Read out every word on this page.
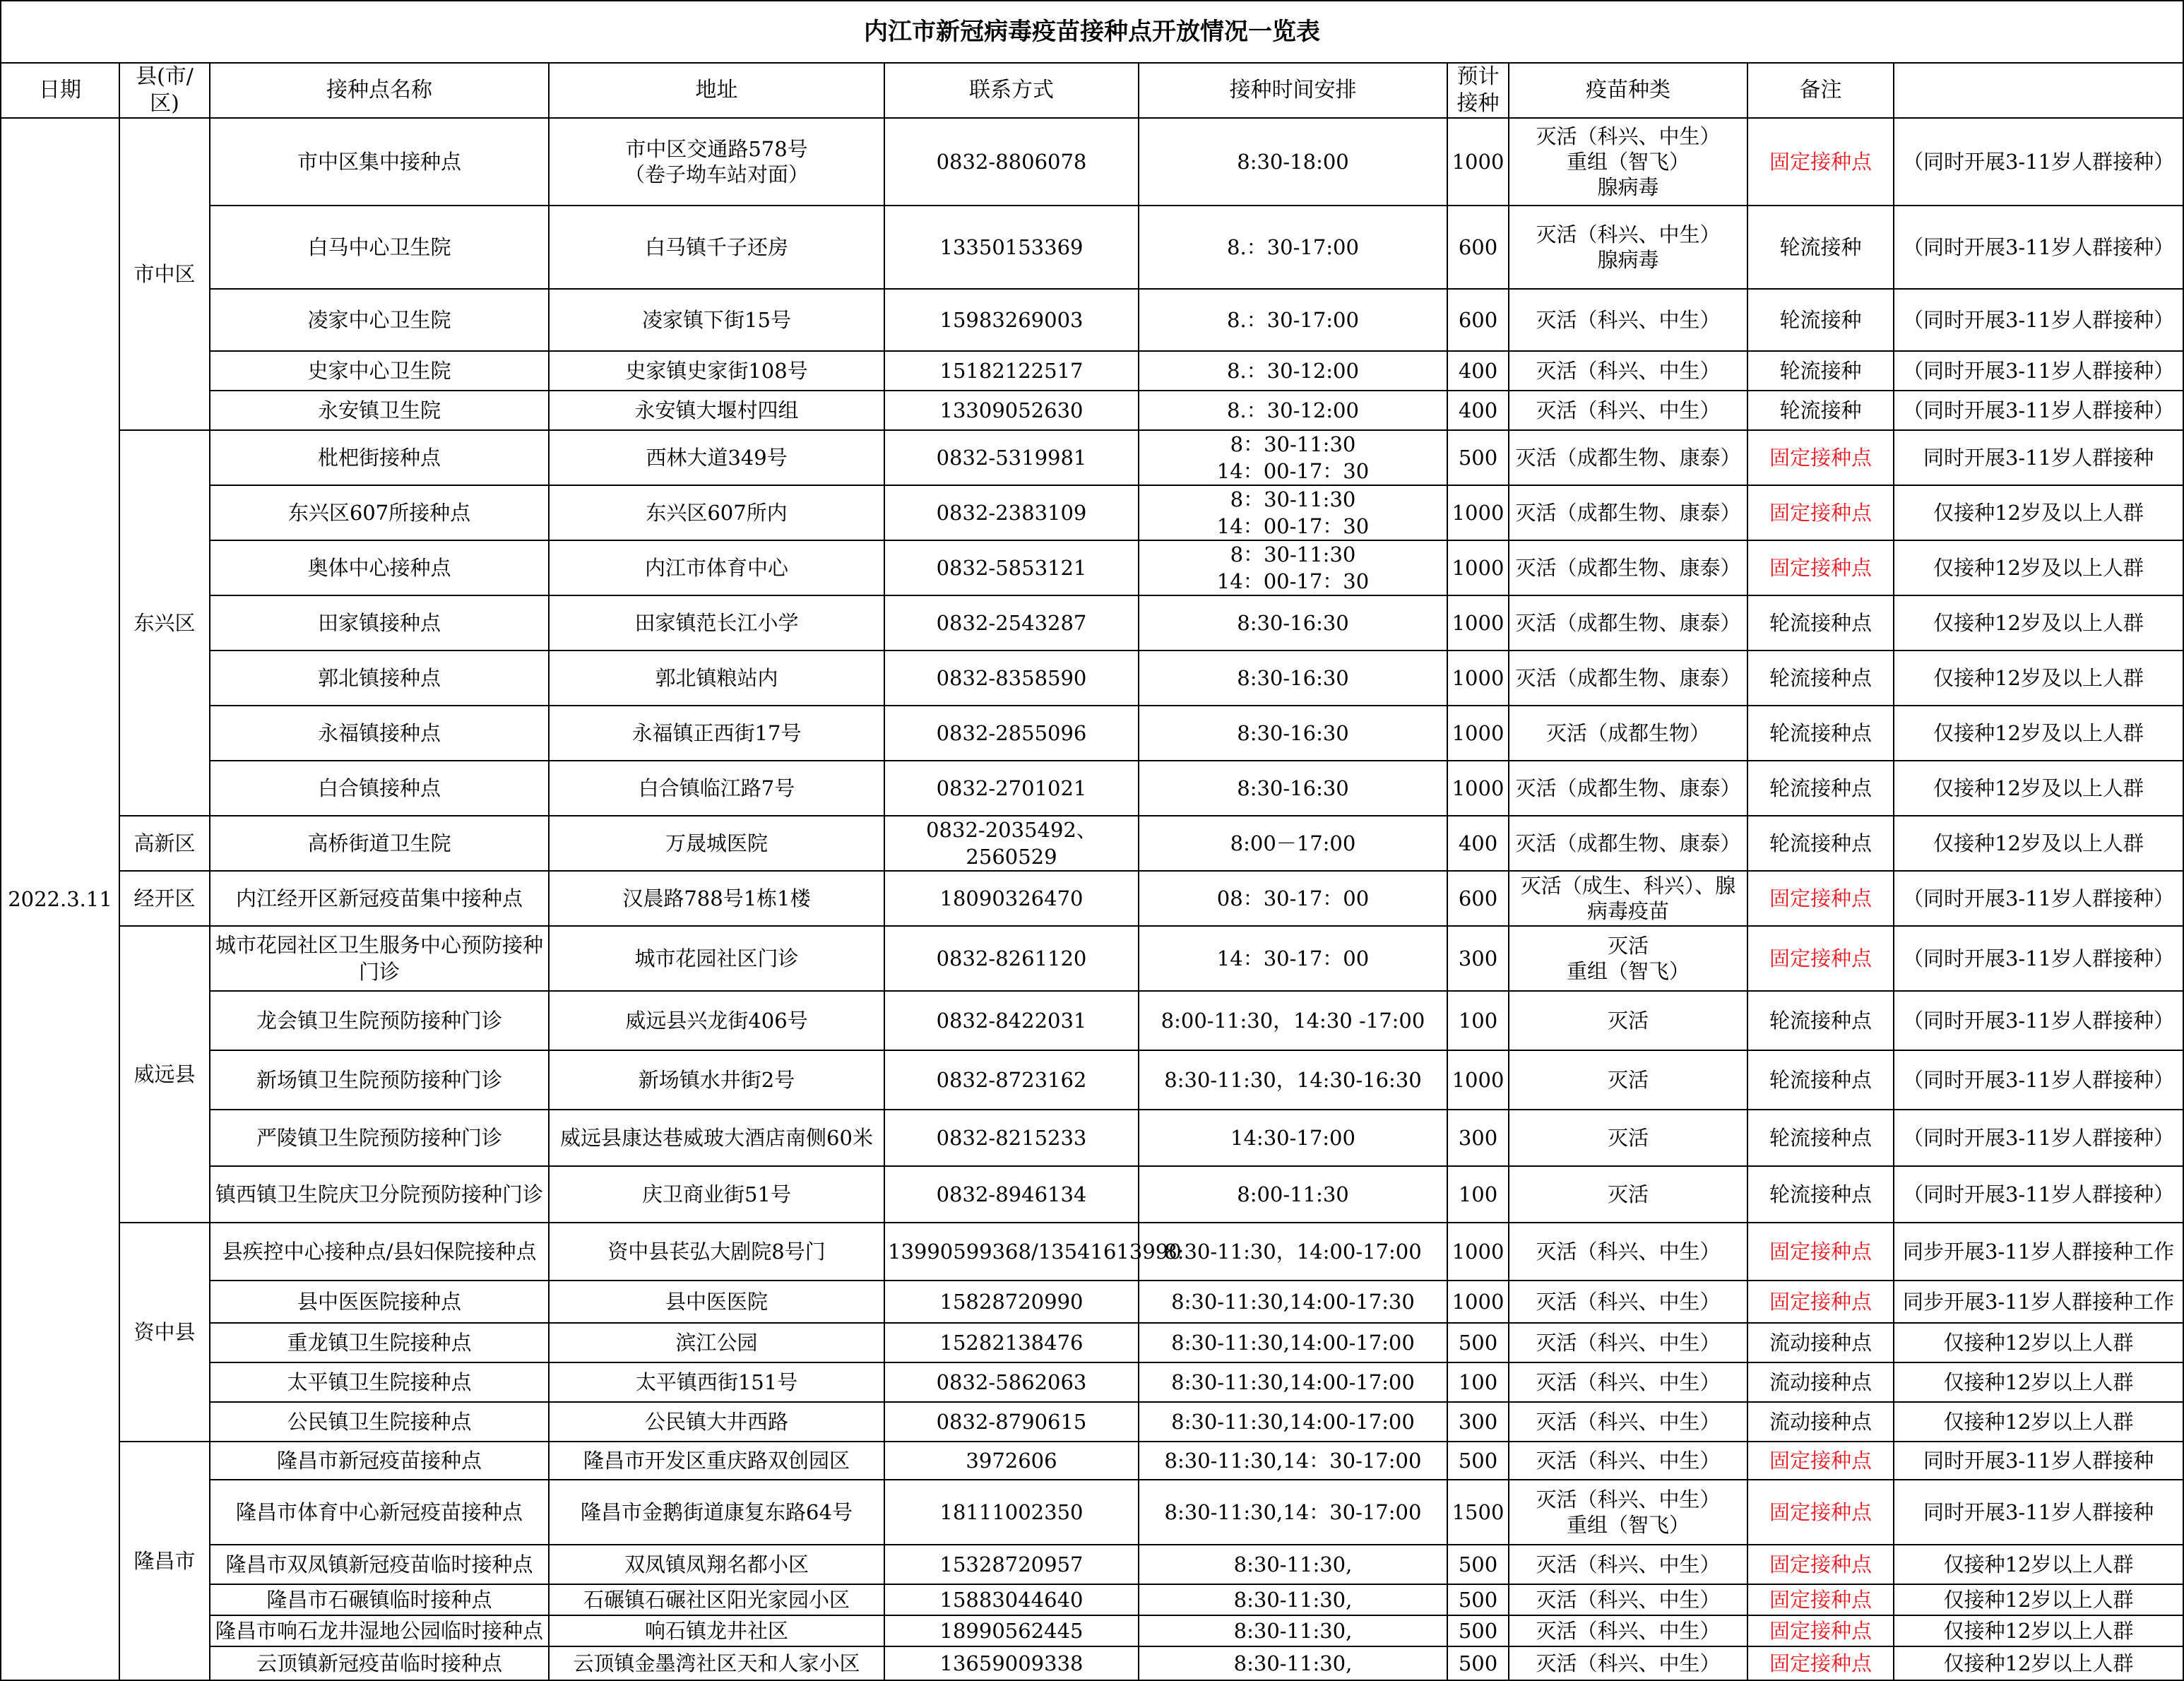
内江市新冠病毒疫苗接种点开放情况一览表									
日期	县(市/区)	接种点名称	地址	联系方式	接种时间安排	预计接种	疫苗种类	备注	
2022.3.11	市中区	市中区集中接种点	市中区交通路578号
（卷子坳车站对面）	0832-8806078	8:30-18:00	1000	灭活（科兴、中生）
重组（智飞）
腺病毒	固定接种点	（同时开展3-11岁人群接种）
		白马中心卫生院	白马镇千子还房	13350153369	8.：30-17:00	600	灭活（科兴、中生）
腺病毒	轮流接种	（同时开展3-11岁人群接种）
		凌家中心卫生院	凌家镇下街15号	15983269003	8.：30-17:00	600	灭活（科兴、中生）	轮流接种	（同时开展3-11岁人群接种）
		史家中心卫生院	史家镇史家街108号	15182122517	8.：30-12:00	400	灭活（科兴、中生）	轮流接种	（同时开展3-11岁人群接种）
		永安镇卫生院	永安镇大堰村四组	13309052630	8.：30-12:00	400	灭活（科兴、中生）	轮流接种	（同时开展3-11岁人群接种）
	东兴区	枇杷街接种点	西林大道349号	0832-5319981	8：30-11:30
14：00-17：30	500	灭活（成都生物、康泰）	固定接种点	同时开展3-11岁人群接种
		东兴区607所接种点	东兴区607所内	0832-2383109	8：30-11:30
14：00-17：30	1000	灭活（成都生物、康泰）	固定接种点	仅接种12岁及以上人群
		奥体中心接种点	内江市体育中心	0832-5853121	8：30-11:30
14：00-17：30	1000	灭活（成都生物、康泰）	固定接种点	仅接种12岁及以上人群
		田家镇接种点	田家镇范长江小学	0832-2543287	8:30-16:30	1000	灭活（成都生物、康泰）	轮流接种点	仅接种12岁及以上人群
		郭北镇接种点	郭北镇粮站内	0832-8358590	8:30-16:30	1000	灭活（成都生物、康泰）	轮流接种点	仅接种12岁及以上人群
		永福镇接种点	永福镇正西街17号	0832-2855096	8:30-16:30	1000	灭活（成都生物）	轮流接种点	仅接种12岁及以上人群
		白合镇接种点	白合镇临江路7号	0832-2701021	8:30-16:30	1000	灭活（成都生物、康泰）	轮流接种点	仅接种12岁及以上人群
	高新区	高桥街道卫生院	万晟城医院	0832-2035492、2560529	8:00－17:00	400	灭活（成都生物、康泰）	轮流接种点	仅接种12岁及以上人群
	经开区	内江经开区新冠疫苗集中接种点	汉晨路788号1栋1楼	18090326470	08：30-17：00	600	灭活（成生、科兴）、腺病毒疫苗	固定接种点	（同时开展3-11岁人群接种）
	威远县	城市花园社区卫生服务中心预防接种门诊	城市花园社区门诊	0832-8261120	14：30-17：00	300	灭活
重组（智飞）	固定接种点	（同时开展3-11岁人群接种）
		龙会镇卫生院预防接种门诊	威远县兴龙街406号	0832-8422031	8:00-11:30，14:30 -17:00	100	灭活	轮流接种点	（同时开展3-11岁人群接种）
		新场镇卫生院预防接种门诊	新场镇水井街2号	0832-8723162	8:30-11:30，14:30-16:30	1000	灭活	轮流接种点	（同时开展3-11岁人群接种）
		严陵镇卫生院预防接种门诊	威远县康达巷威玻大酒店南侧60米	0832-8215233	14:30-17:00	300	灭活	轮流接种点	（同时开展3-11岁人群接种）
		镇西镇卫生院庆卫分院预防接种门诊	庆卫商业街51号	0832-8946134	8:00-11:30	100	灭活	轮流接种点	（同时开展3-11岁人群接种）
	资中县	县疾控中心接种点/县妇保院接种点	资中县苌弘大剧院8号门	13990599368/13541613990	8:30-11:30，14:00-17:00	1000	灭活（科兴、中生）	固定接种点	同步开展3-11岁人群接种工作
		县中医医院接种点	县中医医院	15828720990	8:30-11:30,14:00-17:30	1000	灭活（科兴、中生）	固定接种点	同步开展3-11岁人群接种工作
		重龙镇卫生院接种点	滨江公园	15282138476	8:30-11:30,14:00-17:00	500	灭活（科兴、中生）	流动接种点	仅接种12岁以上人群
		太平镇卫生院接种点	太平镇西街151号	0832-5862063	8:30-11:30,14:00-17:00	100	灭活（科兴、中生）	流动接种点	仅接种12岁以上人群
		公民镇卫生院接种点	公民镇大井西路	0832-8790615	8:30-11:30,14:00-17:00	300	灭活（科兴、中生）	流动接种点	仅接种12岁以上人群
	隆昌市	隆昌市新冠疫苗接种点	隆昌市开发区重庆路双创园区	3972606	8:30-11:30,14：30-17:00	500	灭活（科兴、中生）	固定接种点	同时开展3-11岁人群接种
		隆昌市体育中心新冠疫苗接种点	隆昌市金鹅街道康复东路64号	18111002350	8:30-11:30,14：30-17:00	1500	灭活（科兴、中生）
重组（智飞）	固定接种点	同时开展3-11岁人群接种
		隆昌市双凤镇新冠疫苗临时接种点	双凤镇凤翔名都小区	15328720957	8:30-11:30,	500	灭活（科兴、中生）	固定接种点	仅接种12岁以上人群
		隆昌市石碾镇临时接种点	石碾镇石碾社区阳光家园小区	15883044640	8:30-11:30,	500	灭活（科兴、中生）	固定接种点	仅接种12岁以上人群
		隆昌市响石龙井湿地公园临时接种点	响石镇龙井社区	18990562445	8:30-11:30,	500	灭活（科兴、中生）	固定接种点	仅接种12岁以上人群
		云顶镇新冠疫苗临时接种点	云顶镇金墨湾社区天和人家小区	13659009338	8:30-11:30,	500	灭活（科兴、中生）	固定接种点	仅接种12岁以上人群
